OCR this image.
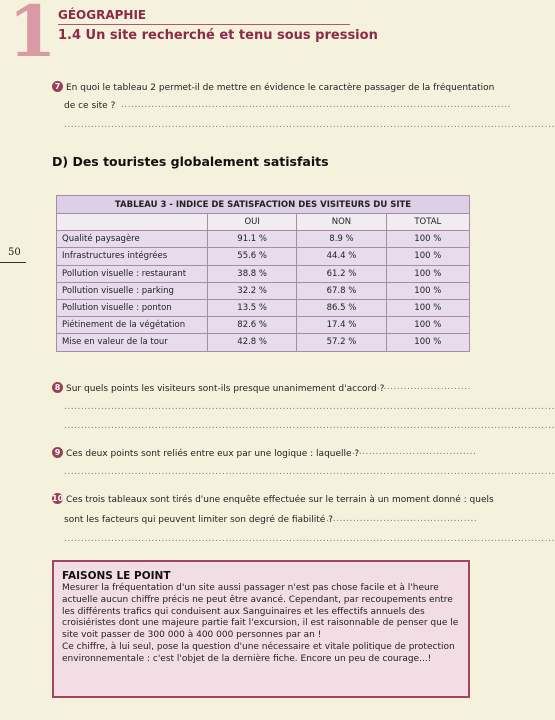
1 GÉOGRAPHIE
1.4 Un site recherché et tenu sous pression
50
7 En quoi le tableau 2 permet-il de mettre en évidence le caractère passager de la fréquentation
de ce site ? ....................................................................................................................
..................................................................................................................................................
D) Des touristes globalement satisfaits
TABLEAU 3 - INDICE DE SATISFACTION DES VISITEURS DU SITE			
	OUI	NON	TOTAL
Qualité paysagère	91.1 %	8.9 %	100 %
Infrastructures intégrées	55.6 %	44.4 %	100 %
Pollution visuelle : restaurant	38.8 %	61.2 %	100 %
Pollution visuelle : parking	32.2 %	67.8 %	100 %
Pollution visuelle : ponton	13.5 %	86.5 %	100 %
Piétinement de la végétation	82.6 %	17.4 %	100 %
Mise en valeur de la tour	42.8 %	57.2 %	100 %
8 Sur quels points les visiteurs sont-ils presque unanimement d'accord ?
..............................
..................................................................................................................................................
..................................................................................................................................................
9 Ces deux points sont reliés entre eux par une logique : laquelle ?
.....................................
..................................................................................................................................................
10 Ces trois tableaux sont tirés d'une enquête effectuée sur le terrain à un moment donné : quels
sont les facteurs qui peuvent limiter son degré de fiabilité ?
.............................................
..................................................................................................................................................
FAISONS LE POINT
Mesurer la fréquentation d'un site aussi passager n'est pas chose facile et à l'heure actuelle aucun chiffre précis ne peut être avancé. Cependant, par recoupements entre les différents trafics qui conduisent aux Sanguinaires et les effectifs annuels des croisiéristes dont une majeure partie fait l'excursion, il est raisonnable de penser que le site voit passer de 300 000 à 400 000 personnes par an !
Ce chiffre, à lui seul, pose la question d'une nécessaire et vitale politique de protection environnementale : c'est l'objet de la dernière fiche. Encore un peu de courage...!
